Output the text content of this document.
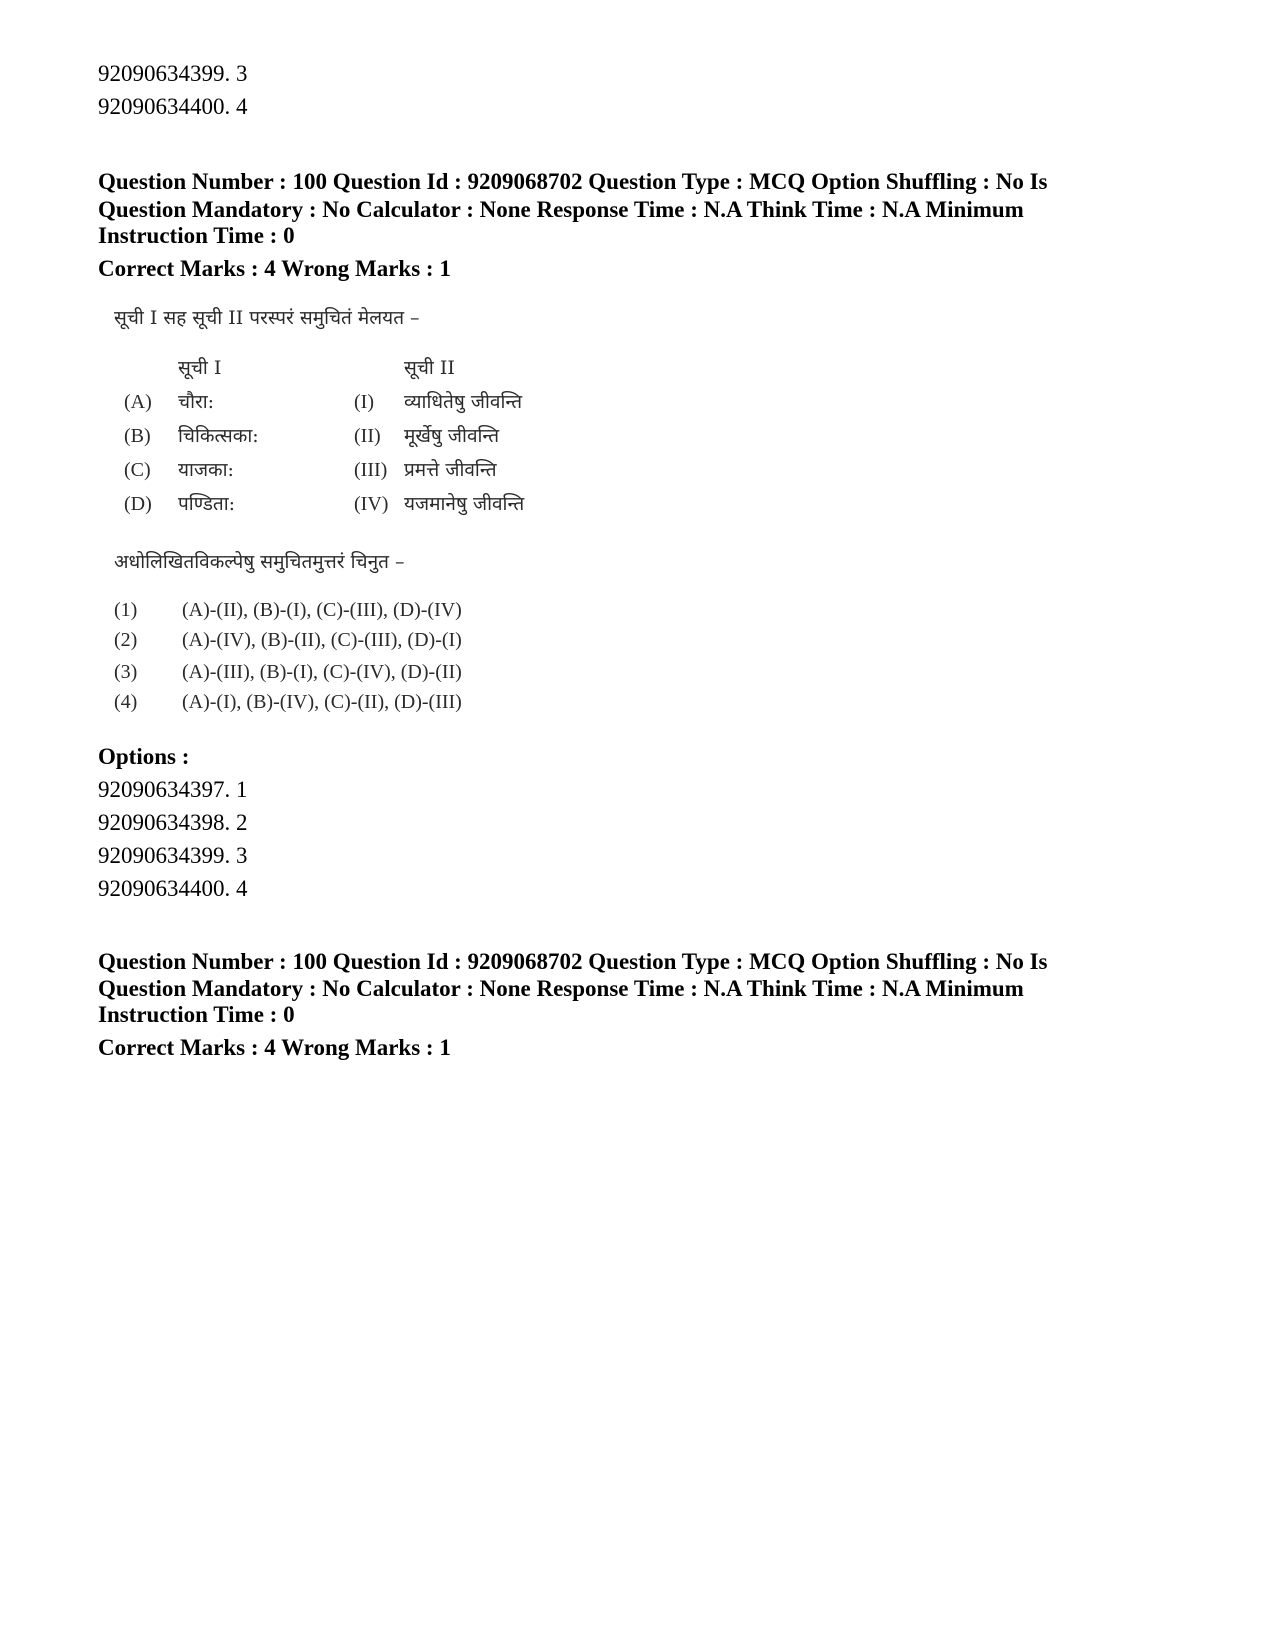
92090634399. 3
92090634400. 4
Question Number : 100 Question Id : 9209068702 Question Type : MCQ Option Shuffling : No Is
Question Mandatory : No Calculator : None Response Time : N.A Think Time : N.A Minimum
Instruction Time : 0
Correct Marks : 4 Wrong Marks : 1
सूची I सह सूची II परस्परं समुचितं मेलयत –
सूची I	सूची II
(A) चौरा:	(I) व्याधितेषु जीवन्ति
(B) चिकित्सका:	(II) मूर्खेषु जीवन्ति
(C) याजका:	(III) प्रमत्ते जीवन्ति
(D) पण्डिता:	(IV) यजमानेषु जीवन्ति
अधोलिखितविकल्पेषु समुचितमुत्तरं चिनुत –
(1) (A)-(II), (B)-(I), (C)-(III), (D)-(IV)
(2) (A)-(IV), (B)-(II), (C)-(III), (D)-(I)
(3) (A)-(III), (B)-(I), (C)-(IV), (D)-(II)
(4) (A)-(I), (B)-(IV), (C)-(II), (D)-(III)
Options :
92090634397. 1
92090634398. 2
92090634399. 3
92090634400. 4
Question Number : 100 Question Id : 9209068702 Question Type : MCQ Option Shuffling : No Is
Question Mandatory : No Calculator : None Response Time : N.A Think Time : N.A Minimum
Instruction Time : 0
Correct Marks : 4 Wrong Marks : 1
